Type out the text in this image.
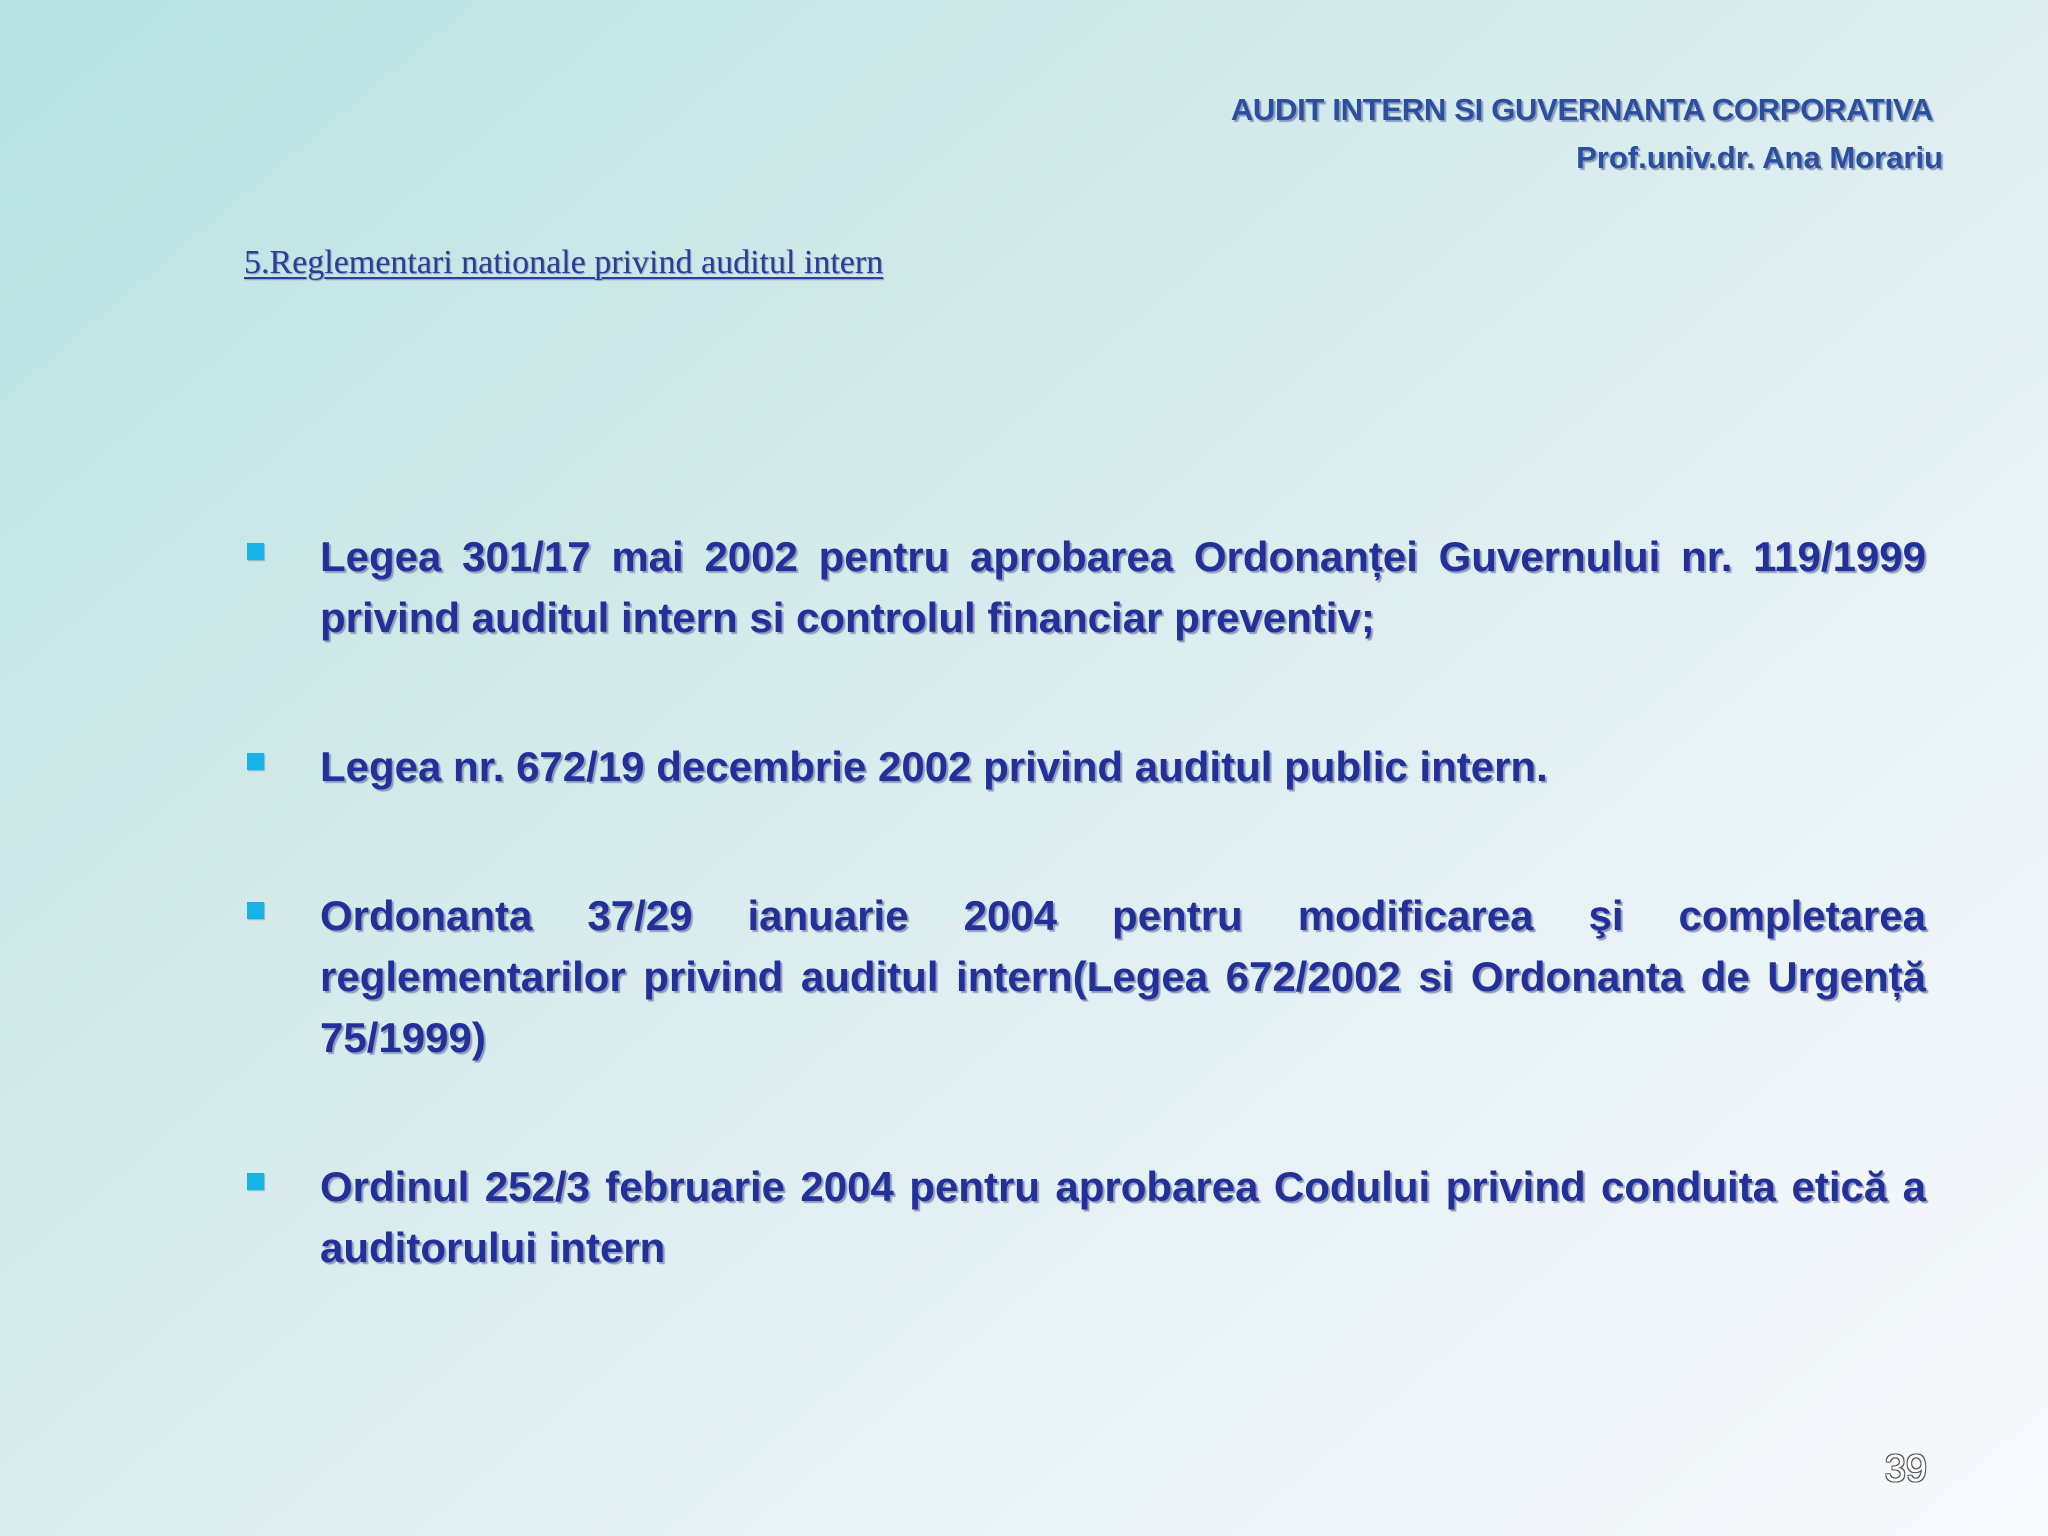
AUDIT INTERN SI GUVERNANTA CORPORATIVA
Prof.univ.dr. Ana Morariu
5.Reglementari nationale privind auditul intern
Legea 301/17 mai 2002 pentru aprobarea Ordonanței Guvernului nr. 119/1999 privind auditul intern si controlul financiar preventiv;
Legea nr. 672/19 decembrie 2002 privind auditul public intern.
Ordonanta 37/29 ianuarie 2004 pentru modificarea şi completarea reglementarilor privind auditul intern(Legea 672/2002 si Ordonanta de Urgență 75/1999)
Ordinul 252/3 februarie 2004 pentru aprobarea Codului privind conduita etică a auditorului intern
39
